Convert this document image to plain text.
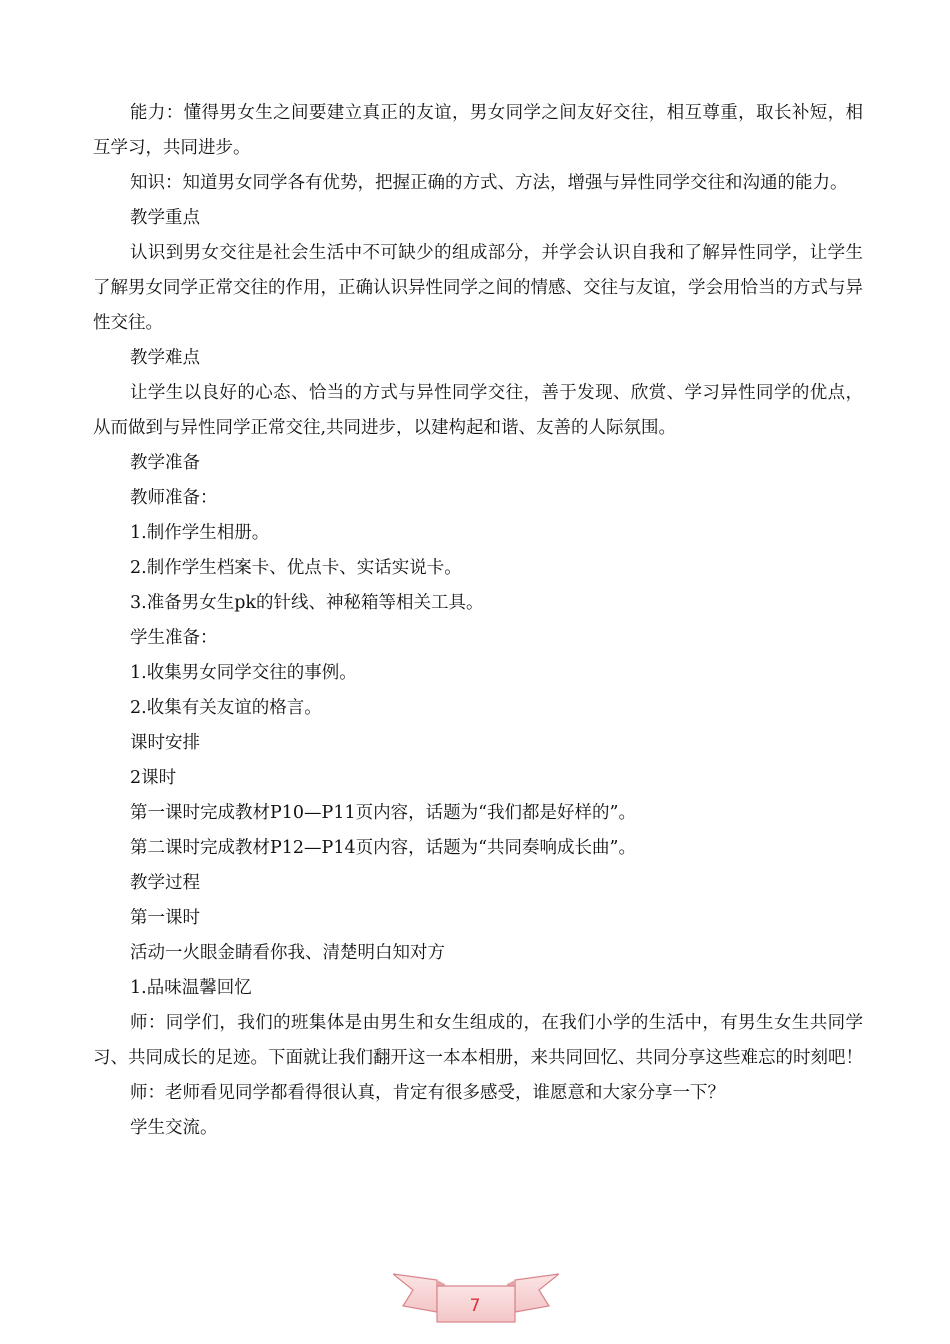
能力：懂得男女生之间要建立真正的友谊，男女同学之间友好交往，相互尊重，取长补短，相互学习，共同进步。

知识：知道男女同学各有优势，把握正确的方式、方法，增强与异性同学交往和沟通的能力。

教学重点

认识到男女交往是社会生活中不可缺少的组成部分，并学会认识自我和了解异性同学，让学生了解男女同学正常交往的作用，正确认识异性同学之间的情感、交往与友谊，学会用恰当的方式与异性交往。

教学难点

让学生以良好的心态、恰当的方式与异性同学交往，善于发现、欣赏、学习异性同学的优点，从而做到与异性同学正常交往,共同进步，以建构起和谐、友善的人际氛围。

教学准备

教师准备：

1.制作学生相册。

2.制作学生档案卡、优点卡、实话实说卡。

3.准备男女生pk的针线、神秘箱等相关工具。

学生准备：

1.收集男女同学交往的事例。

2.收集有关友谊的格言。

课时安排

2课时

第一课时完成教材P10—P11页内容，话题为“我们都是好样的”。

第二课时完成教材P12—P14页内容，话题为“共同奏响成长曲”。

教学过程

第一课时

活动一火眼金睛看你我、清楚明白知对方

1.品味温馨回忆

师：同学们，我们的班集体是由男生和女生组成的，在我们小学的生活中，有男生女生共同学习、共同成长的足迹。下面就让我们翻开这一本本相册，来共同回忆、共同分享这些难忘的时刻吧！

师：老师看见同学都看得很认真，肯定有很多感受，谁愿意和大家分享一下？

学生交流。

7
